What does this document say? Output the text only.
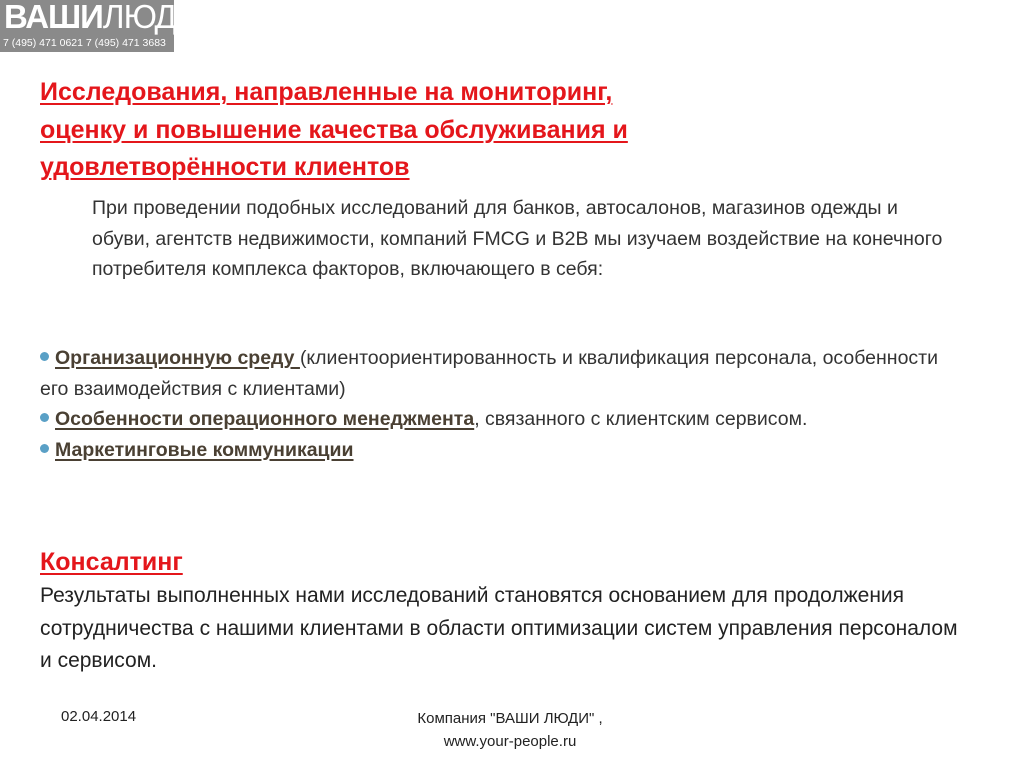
ВАШИЛЮДИ
7 (495) 471 0621 7 (495) 471 3683
Исследования, направленные на мониторинг,
оценку и повышение качества обслуживания и
удовлетворённости клиентов

При проведении подобных исследований для банков, автосалонов, магазинов одежды и обуви, агентств недвижимости, компаний FMCG и B2B мы изучаем воздействие на конечного потребителя комплекса факторов, включающего в себя:

Организационную среду (клиентоориентированность и квалификация персонала, особенности его взаимодействия с клиентами)
Особенности операционного менеджмента, связанного с клиентским сервисом.
Маркетинговые коммуникации
Консалтинг

Результаты выполненных нами исследований становятся основанием для продолжения сотрудничества с нашими клиентами в области оптимизации систем управления персоналом и сервисом.

02.04.2014	Компания "ВАШИ ЛЮДИ" ,
www.your-people.ru
